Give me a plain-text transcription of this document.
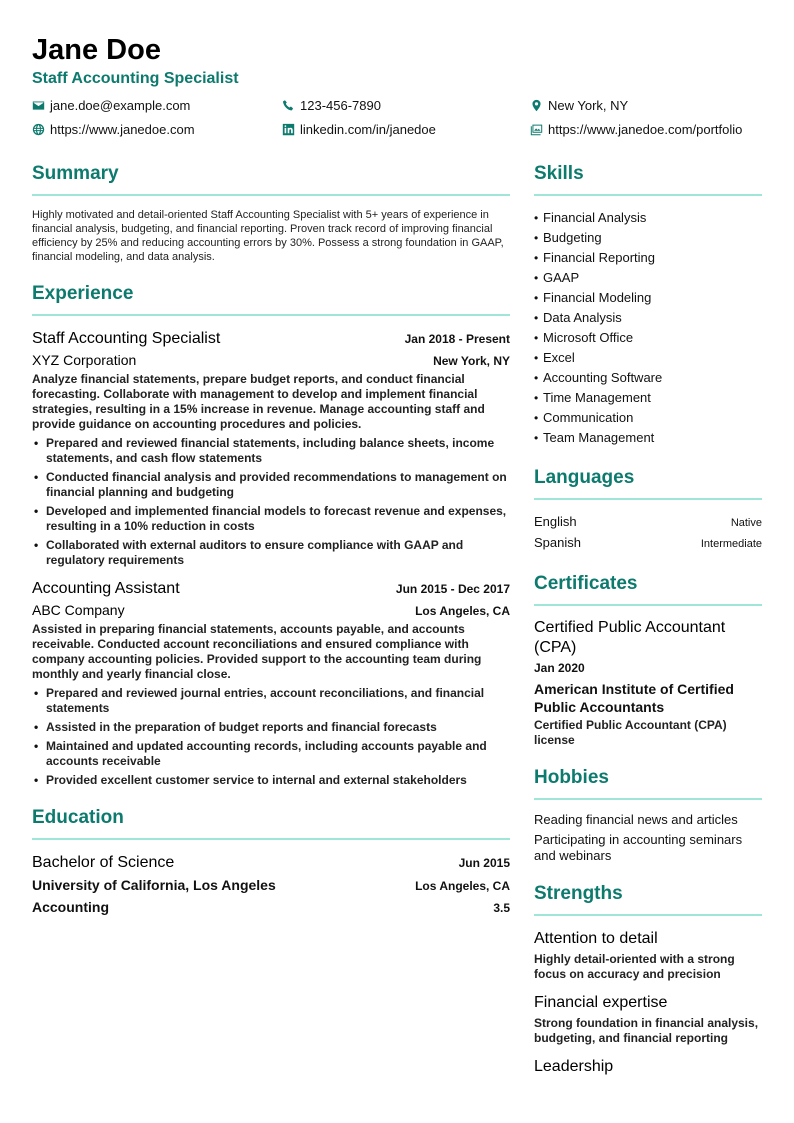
Jane Doe
Staff Accounting Specialist
jane.doe@example.com	123-456-7890	New York, NY
https://www.janedoe.com	linkedin.com/in/janedoe	https://www.janedoe.com/portfolio
Summary
Highly motivated and detail-oriented Staff Accounting Specialist with 5+ years of experience in financial analysis, budgeting, and financial reporting. Proven track record of improving financial efficiency by 25% and reducing accounting errors by 30%. Possess a strong foundation in GAAP, financial modeling, and data analysis.
Experience
Staff Accounting Specialist	Jan 2018 - Present
XYZ Corporation	New York, NY
Analyze financial statements, prepare budget reports, and conduct financial forecasting. Collaborate with management to develop and implement financial strategies, resulting in a 15% increase in revenue. Manage accounting staff and provide guidance on accounting procedures and policies.
• Prepared and reviewed financial statements, including balance sheets, income statements, and cash flow statements
• Conducted financial analysis and provided recommendations to management on financial planning and budgeting
• Developed and implemented financial models to forecast revenue and expenses, resulting in a 10% reduction in costs
• Collaborated with external auditors to ensure compliance with GAAP and regulatory requirements
Accounting Assistant	Jun 2015 - Dec 2017
ABC Company	Los Angeles, CA
Assisted in preparing financial statements, accounts payable, and accounts receivable. Conducted account reconciliations and ensured compliance with company accounting policies. Provided support to the accounting team during monthly and yearly financial close.
• Prepared and reviewed journal entries, account reconciliations, and financial statements
• Assisted in the preparation of budget reports and financial forecasts
• Maintained and updated accounting records, including accounts payable and accounts receivable
• Provided excellent customer service to internal and external stakeholders
Education
Bachelor of Science	Jun 2015
University of California, Los Angeles	Los Angeles, CA
Accounting	3.5
Skills
• Financial Analysis
• Budgeting
• Financial Reporting
• GAAP
• Financial Modeling
• Data Analysis
• Microsoft Office
• Excel
• Accounting Software
• Time Management
• Communication
• Team Management
Languages
English	Native
Spanish	Intermediate
Certificates
Certified Public Accountant (CPA)
Jan 2020
American Institute of Certified Public Accountants
Certified Public Accountant (CPA) license
Hobbies
Reading financial news and articles
Participating in accounting seminars and webinars
Strengths
Attention to detail
Highly detail-oriented with a strong focus on accuracy and precision
Financial expertise
Strong foundation in financial analysis, budgeting, and financial reporting
Leadership
